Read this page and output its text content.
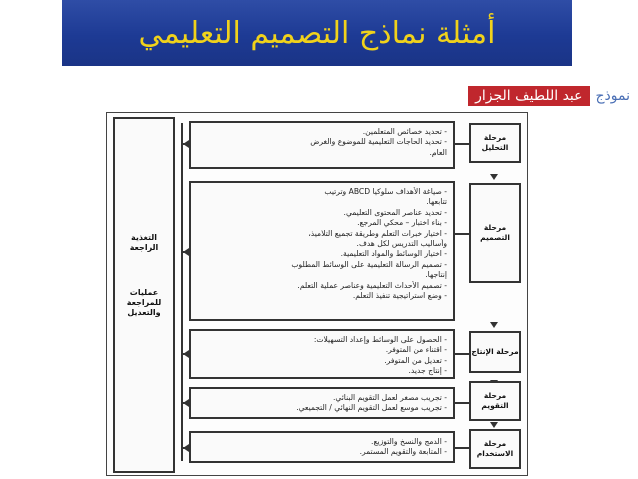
أمثلة نماذج التصميم التعليمي
نموذج
عبد اللطيف الجزار
التغذية الراجعة
عمليات للمراجعة والتعديل
- تحديد خصائص المتعلمين.
- تحديد الحاجات التعليمية للموضوع والغرض
العام.
مرحلة التحليل
- صياغة الأهداف سلوكيا ABCD وترتيب
تتابعها.
- تحديد عناصر المحتوى التعليمي.
- بناء اختبار – محكي المرجع.
- اختيار خبرات التعلم وطريقة تجميع التلاميذ،
وأساليب التدريس لكل هدف.
- اختيار الوسائط والمواد التعليمية.
- تصميم الرسالة التعليمية على الوسائط المطلوب
إنتاجها.
- تصميم الأحداث التعليمية وعناصر عملية التعلم.
- وضع استراتيجية تنفيذ التعلم.
مرحلة التصميم
- الحصول على الوسائط وإعداد التسهيلات:
- اقتناء من المتوفر.
- تعديل من المتوفر.
- إنتاج جديد.
مرحلة الإنتاج
- تجريب مصغر لعمل التقويم البنائي.
- تجريب موسع لعمل التقويم النهائي / التجميعي.
مرحلة التقويم
- الدمج والنسخ والتوزيع.
- المتابعة والتقويم المستمر.
مرحلة الاستخدام
